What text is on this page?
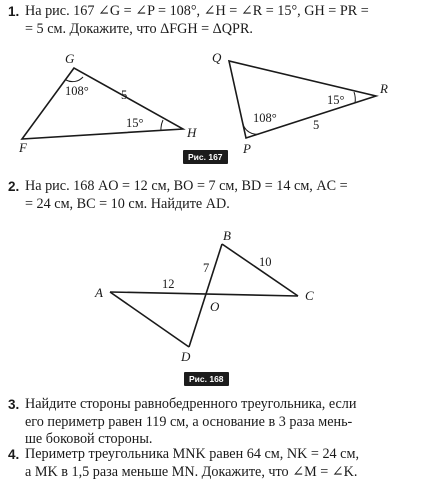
1. На рис. 167 ∠G = ∠P = 108°, ∠H = ∠R = 15°, GH = PR =
= 5 см. Докажите, что ΔFGH = ΔQPR.
G
F
H
108°
15°
5
Q
P
R
108°
15°
5
A
B
C
D
O
12
7	10
Рис. 167
Рис. 168
2. На рис. 168 AO = 12 см, BO = 7 см, BD = 14 см, AC =
= 24 см, BC = 10 см. Найдите AD.
3. Найдите стороны равнобедренного треугольника, если
его периметр равен 119 см, а основание в 3 раза мень-
ше боковой стороны.
4. Периметр треугольника MNK равен 64 см, NK = 24 см,
а MK в 1,5 раза меньше MN. Докажите, что ∠M = ∠K.
